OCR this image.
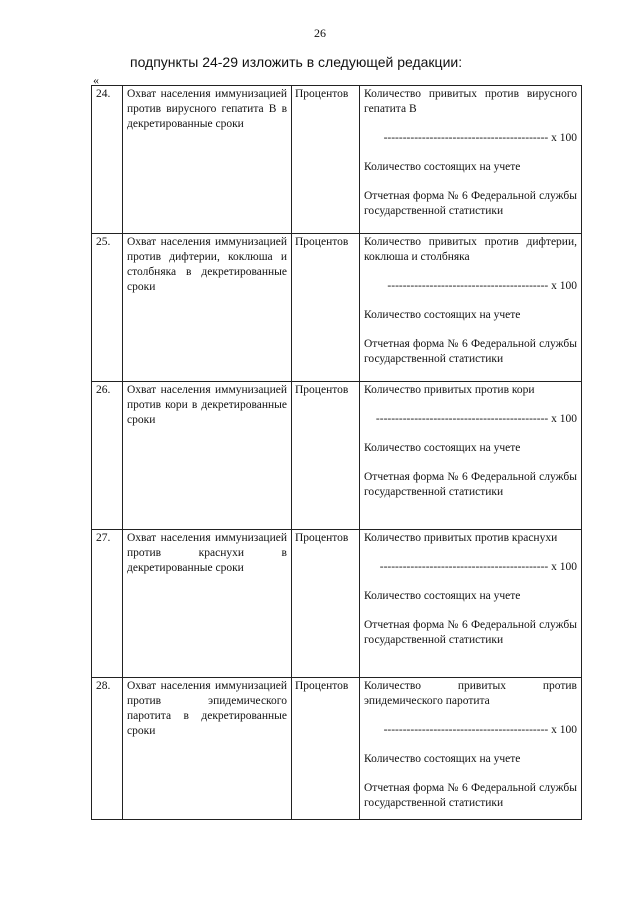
26
подпункты 24-29 изложить в следующей редакции:
«
24.	Охват населения иммунизацией против вирусного гепатита В в декретированные сроки	Процентов	Количество привитых против вирусного гепатита В
------------------------------------------- х 100
Количество состоящих на учете
Отчетная форма № 6 Федеральной службы государственной статистики

25.	Охват населения иммунизацией против дифтерии, коклюша и столбняка в декретированные сроки	Процентов	Количество привитых против дифтерии, коклюша и столбняка
------------------------------------------ х 100
Количество состоящих на учете
Отчетная форма № 6 Федеральной службы государственной статистики

26.	Охват населения иммунизацией против кори в декретированные сроки	Процентов	Количество привитых против кори
--------------------------------------------- х 100
Количество состоящих на учете
Отчетная форма № 6 Федеральной службы государственной статистики

27.	Охват населения иммунизацией против краснухи в декретированные сроки	Процентов	Количество привитых против краснухи
-------------------------------------------- х 100
Количество состоящих на учете
Отчетная форма № 6 Федеральной службы государственной статистики

28.	Охват населения иммунизацией против эпидемического паротита в декретированные сроки	Процентов	Количество привитых против эпидемического паротита
------------------------------------------- х 100
Количество состоящих на учете
Отчетная форма № 6 Федеральной службы государственной статистики
